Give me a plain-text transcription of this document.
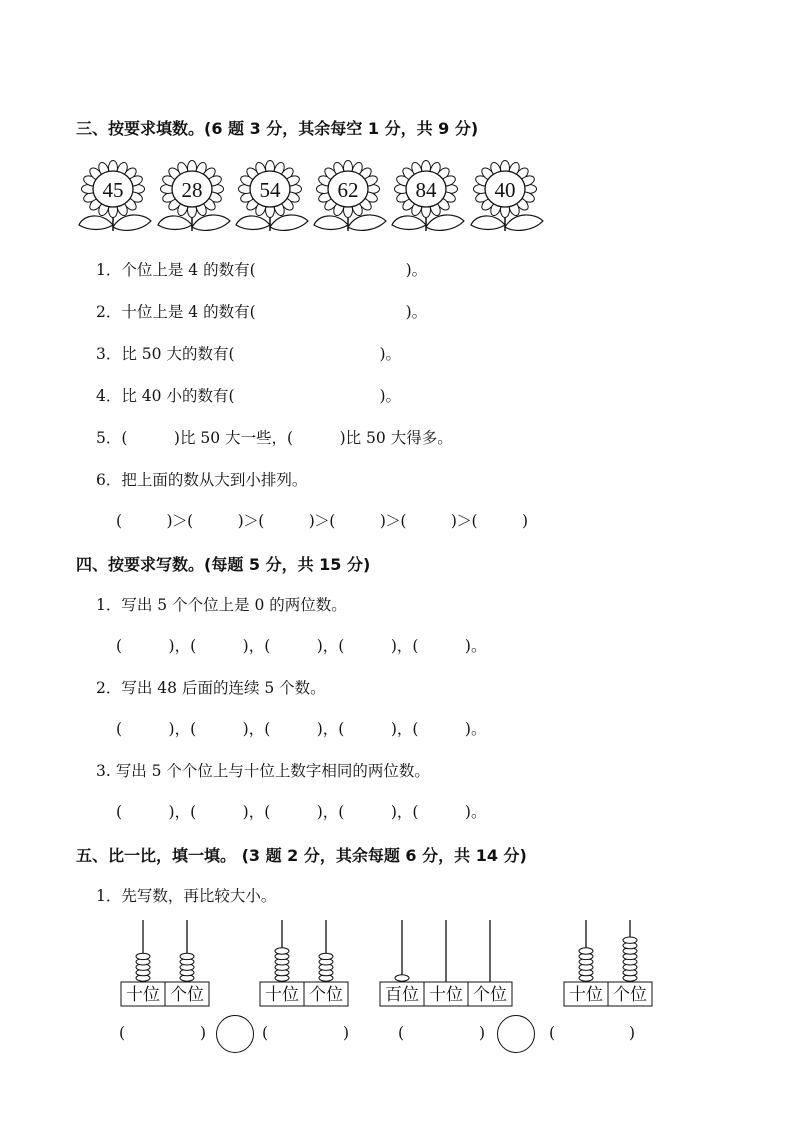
三、按要求填数。(6 题 3 分，其余每空 1 分，共 9 分)
45	28	54	62	84	40
1．个位上是 4 的数有(	)。
2．十位上是 4 的数有(	)。
3．比 50 大的数有(	)。
4．比 40 小的数有(	)。
5．(　　　)比 50 大一些，(　　　)比 50 大得多。
6．把上面的数从大到小排列。
(　　　)＞(　　　)＞(　　　)＞(　　　)＞(　　　)＞(　　　)
四、按要求写数。(每题 5 分，共 15 分)
1．写出 5 个个位上是 0 的两位数。
(　　　)，(　　　)，(　　　)，(　　　)，(　　　)。
2．写出 48 后面的连续 5 个数。
(　　　)，(　　　)，(　　　)，(　　　)，(　　　)。
3. 写出 5 个个位上与十位上数字相同的两位数。
(　　　)，(　　　)，(　　　)，(　　　)，(　　　)。
五、比一比，填一填。 (3 题 2 分，其余每题 6 分，共 14 分)
1．先写数，再比较大小。
十位 个位	十位 个位 百位 十位 个位	十位 个位
(	)	(	)	(	)	(	)
